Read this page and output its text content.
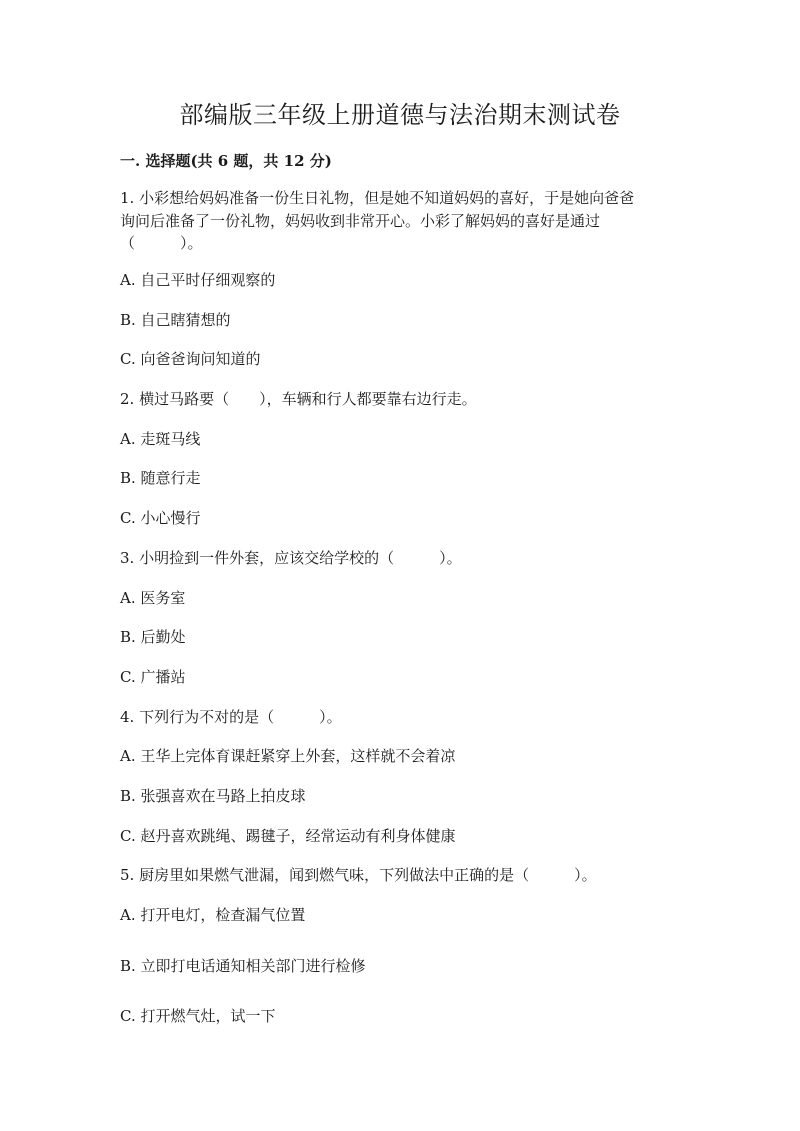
部编版三年级上册道德与法治期末测试卷
一. 选择题(共 6 题，共 12 分)
1. 小彩想给妈妈准备一份生日礼物，但是她不知道妈妈的喜好，于是她向爸爸
询问后准备了一份礼物，妈妈收到非常开心。小彩了解妈妈的喜好是通过
（　　　）。
A. 自己平时仔细观察的
B. 自己瞎猜想的
C. 向爸爸询问知道的
2. 横过马路要（　　），车辆和行人都要靠右边行走。
A. 走斑马线
B. 随意行走
C. 小心慢行
3. 小明捡到一件外套，应该交给学校的（　　　）。
A. 医务室
B. 后勤处
C. 广播站
4. 下列行为不对的是（　　　）。
A. 王华上完体育课赶紧穿上外套，这样就不会着凉
B. 张强喜欢在马路上拍皮球
C. 赵丹喜欢跳绳、踢毽子，经常运动有利身体健康
5. 厨房里如果燃气泄漏，闻到燃气味，下列做法中正确的是（　　　）。
A. 打开电灯，检查漏气位置
B. 立即打电话通知相关部门进行检修
C. 打开燃气灶，试一下
